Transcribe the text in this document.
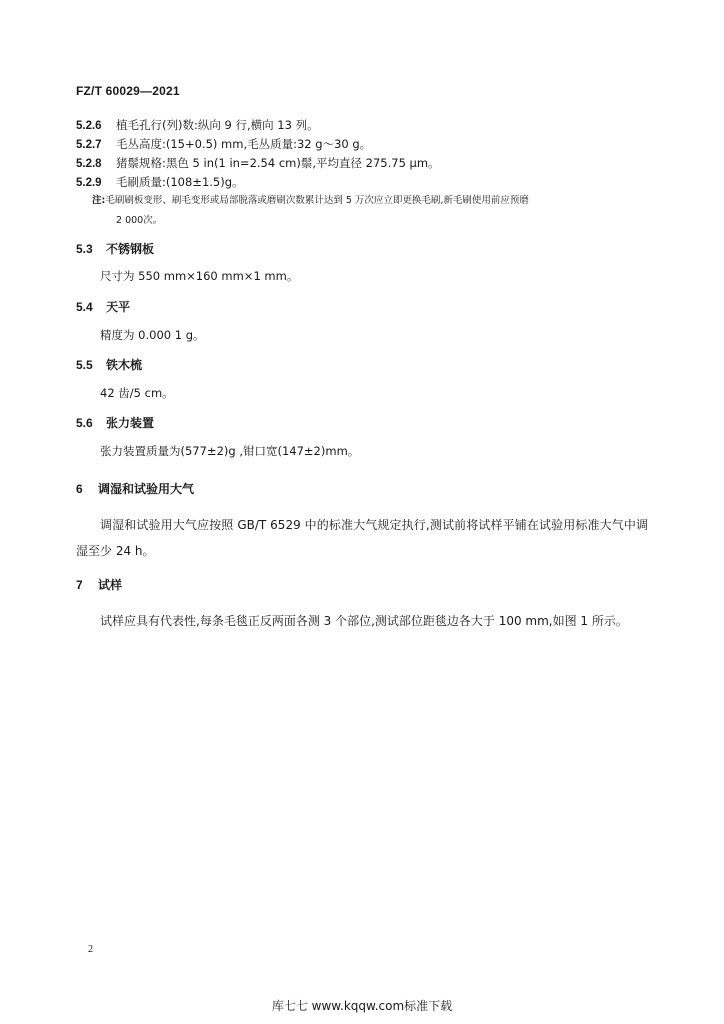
FZ/T 60029—2021
5.2.6 植毛孔行(列)数:纵向 9 行,横向 13 列。
5.2.7 毛丛高度:(15+0.5) mm,毛丛质量:32 g～30 g。
5.2.8 猪鬃规格:黑色 5 in(1 in=2.54 cm)鬃,平均直径 275.75 μm。
5.2.9 毛刷质量:(108±1.5)g。
注:毛刷刷板变形、刷毛变形或局部脱落或磨刷次数累计达到 5 万次应立即更换毛刷,新毛刷使用前应预磨
2 000次。
5.3 不锈钢板
尺寸为 550 mm×160 mm×1 mm。
5.4 天平
精度为 0.000 1 g。
5.5 铁木梳
42 齿/5 cm。
5.6 张力装置
张力装置质量为(577±2)g ,钳口宽(147±2)mm。
6 调湿和试验用大气
调湿和试验用大气应按照 GB/T 6529 中的标准大气规定执行,测试前将试样平铺在试验用标准大气中调湿至少 24 h。
7 试样
试样应具有代表性,每条毛毯正反两面各测 3 个部位,测试部位距毯边各大于 100 mm,如图 1 所示。
2
库七七 www.kqqw.com标准下载
